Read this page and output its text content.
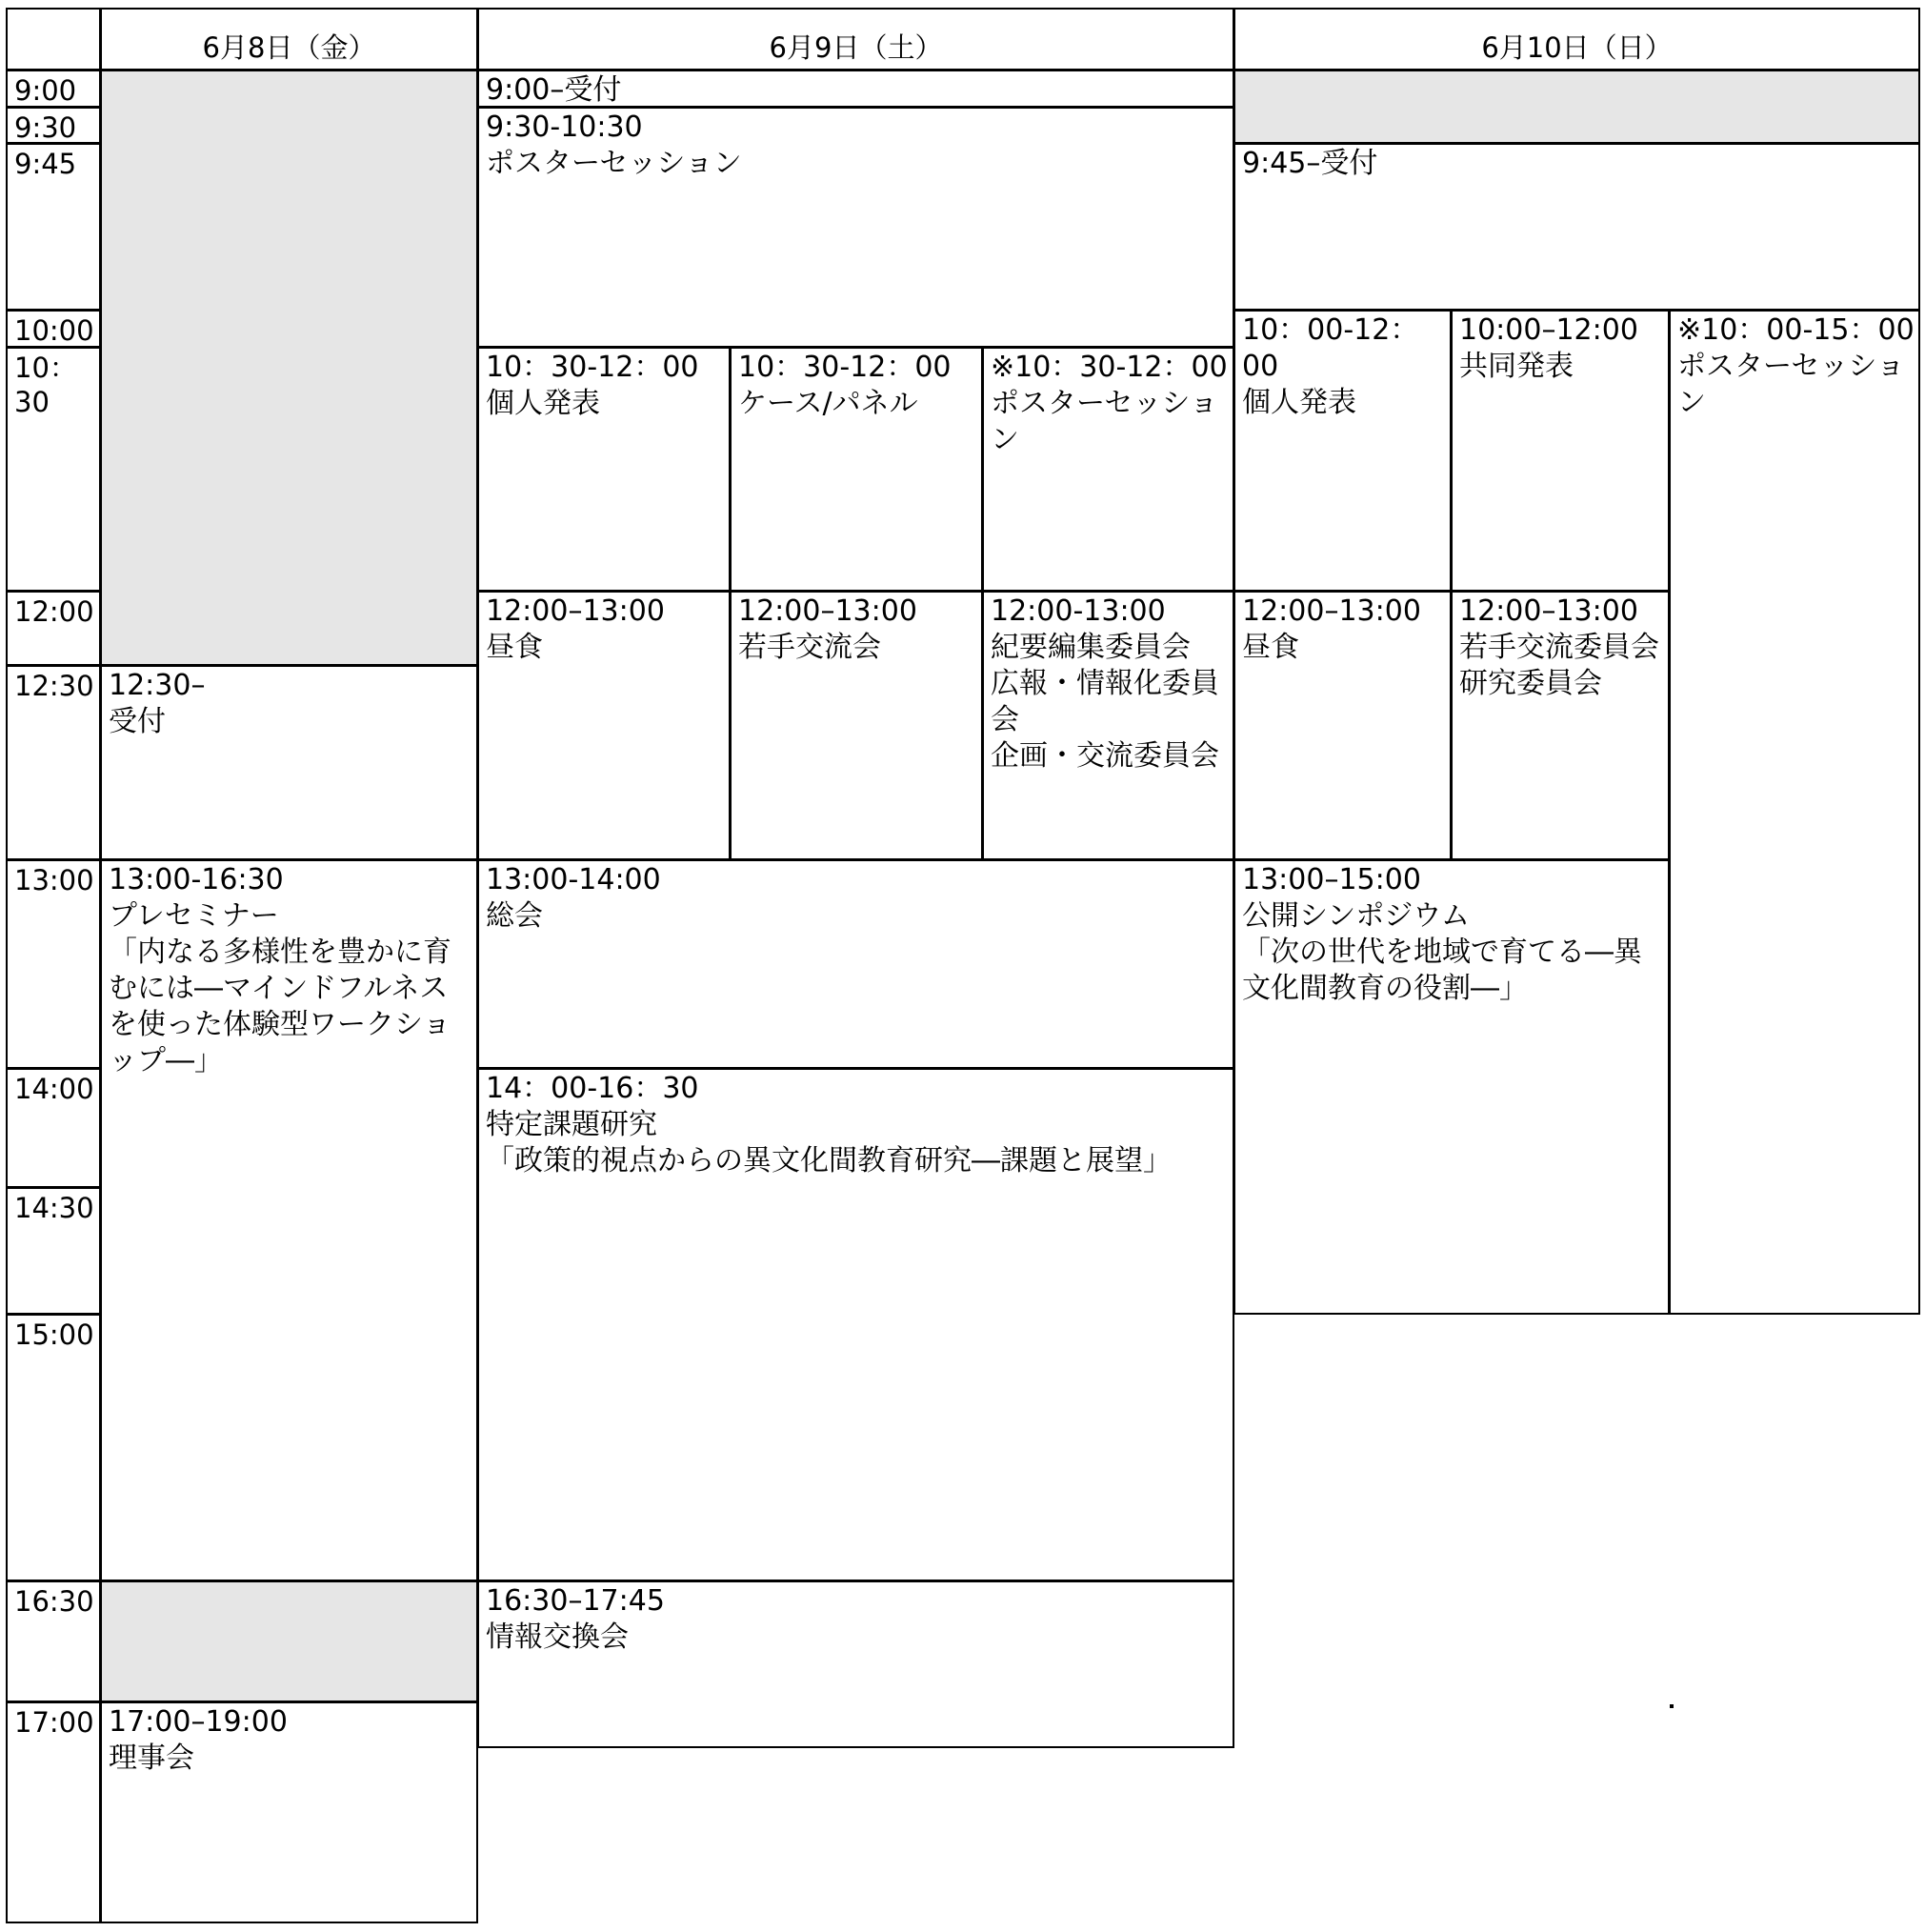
6月8日（金）	6月9日（土）	6月10日（日）
9:00
9:30
9:45
10:00
10：30
12:00
12:30
13:00
14:00
14:30
15:00
16:30
17:00
12:30–
受付
13:00-16:30
プレセミナー
「内なる多様性を豊かに育むには―マインドフルネスを使った体験型ワークショップ―」
17:00–19:00
理事会
9:00–受付
9:30-10:30
ポスターセッション
10：30-12：00
個人発表
10：30-12：00
ケース/パネル
※10：30-12：00
ポスターセッション
12:00–13:00
昼食
12:00–13:00
若手交流会
12:00-13:00
紀要編集委員会
広報・情報化委員会
企画・交流委員会
13:00-14:00
総会
14：00-16：30
特定課題研究
「政策的視点からの異文化間教育研究―課題と展望」
16:30–17:45
情報交換会
9:45–受付
10：00-12：00
個人発表
10:00–12:00
共同発表
※10：00-15：00
ポスターセッション
12:00–13:00
昼食
12:00–13:00
若手交流委員会
研究委員会
13:00–15:00
公開シンポジウム
「次の世代を地域で育てる―異文化間教育の役割―」
